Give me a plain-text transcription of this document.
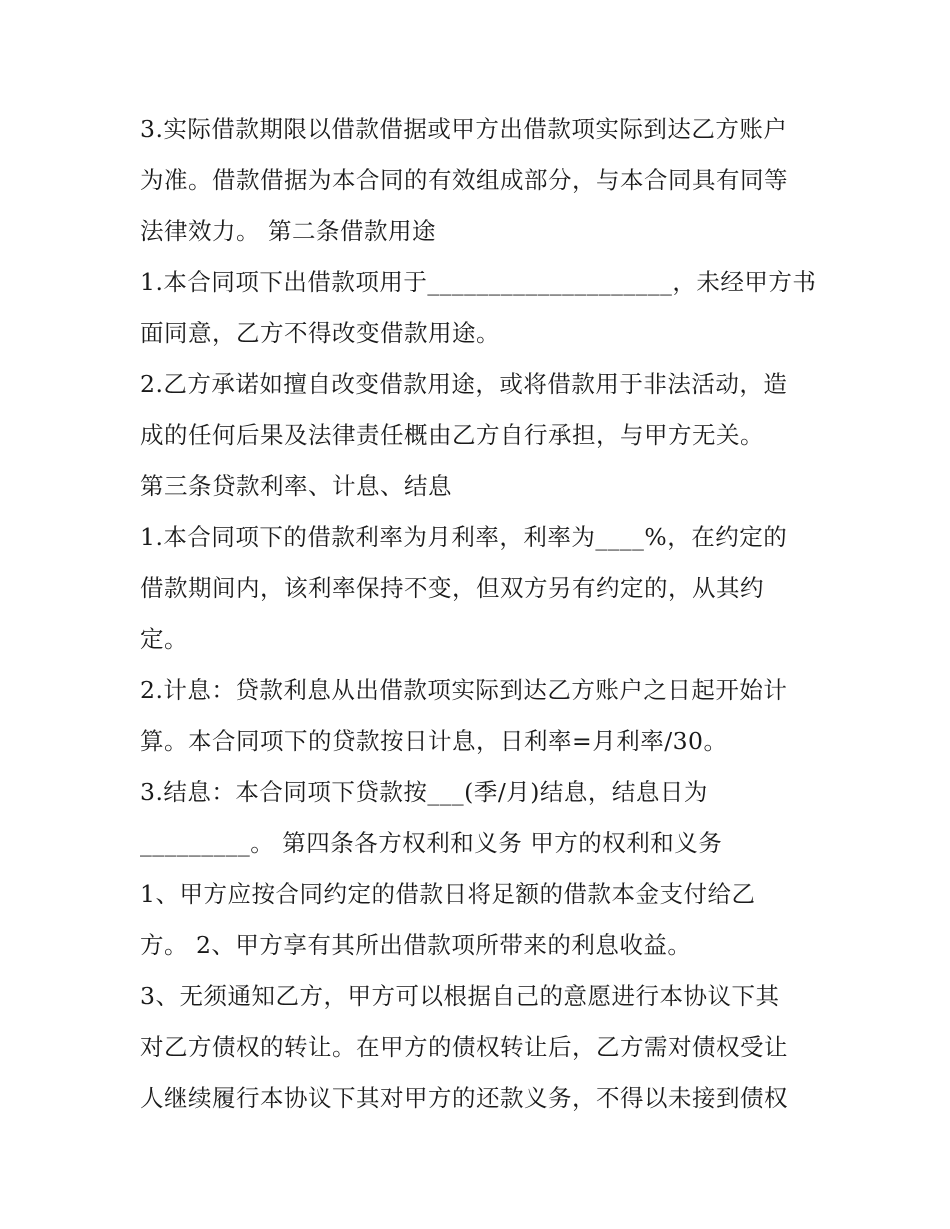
3.实际借款期限以借款借据或甲方出借款项实际到达乙方账户
为准。借款借据为本合同的有效组成部分，与本合同具有同等
法律效力。 第二条借款用途
1.本合同项下出借款项用于____________________，未经甲方书
面同意，乙方不得改变借款用途。
2.乙方承诺如擅自改变借款用途，或将借款用于非法活动，造
成的任何后果及法律责任概由乙方自行承担，与甲方无关。
第三条贷款利率、计息、结息
1.本合同项下的借款利率为月利率，利率为____%，在约定的
借款期间内，该利率保持不变，但双方另有约定的，从其约
定。
2.计息：贷款利息从出借款项实际到达乙方账户之日起开始计
算。本合同项下的贷款按日计息，日利率=月利率/30。
3.结息：本合同项下贷款按___(季/月)结息，结息日为
_________。 第四条各方权利和义务 甲方的权利和义务
1、甲方应按合同约定的借款日将足额的借款本金支付给乙
方。 2、甲方享有其所出借款项所带来的利息收益。
3、无须通知乙方，甲方可以根据自己的意愿进行本协议下其
对乙方债权的转让。在甲方的债权转让后，乙方需对债权受让
人继续履行本协议下其对甲方的还款义务，不得以未接到债权
